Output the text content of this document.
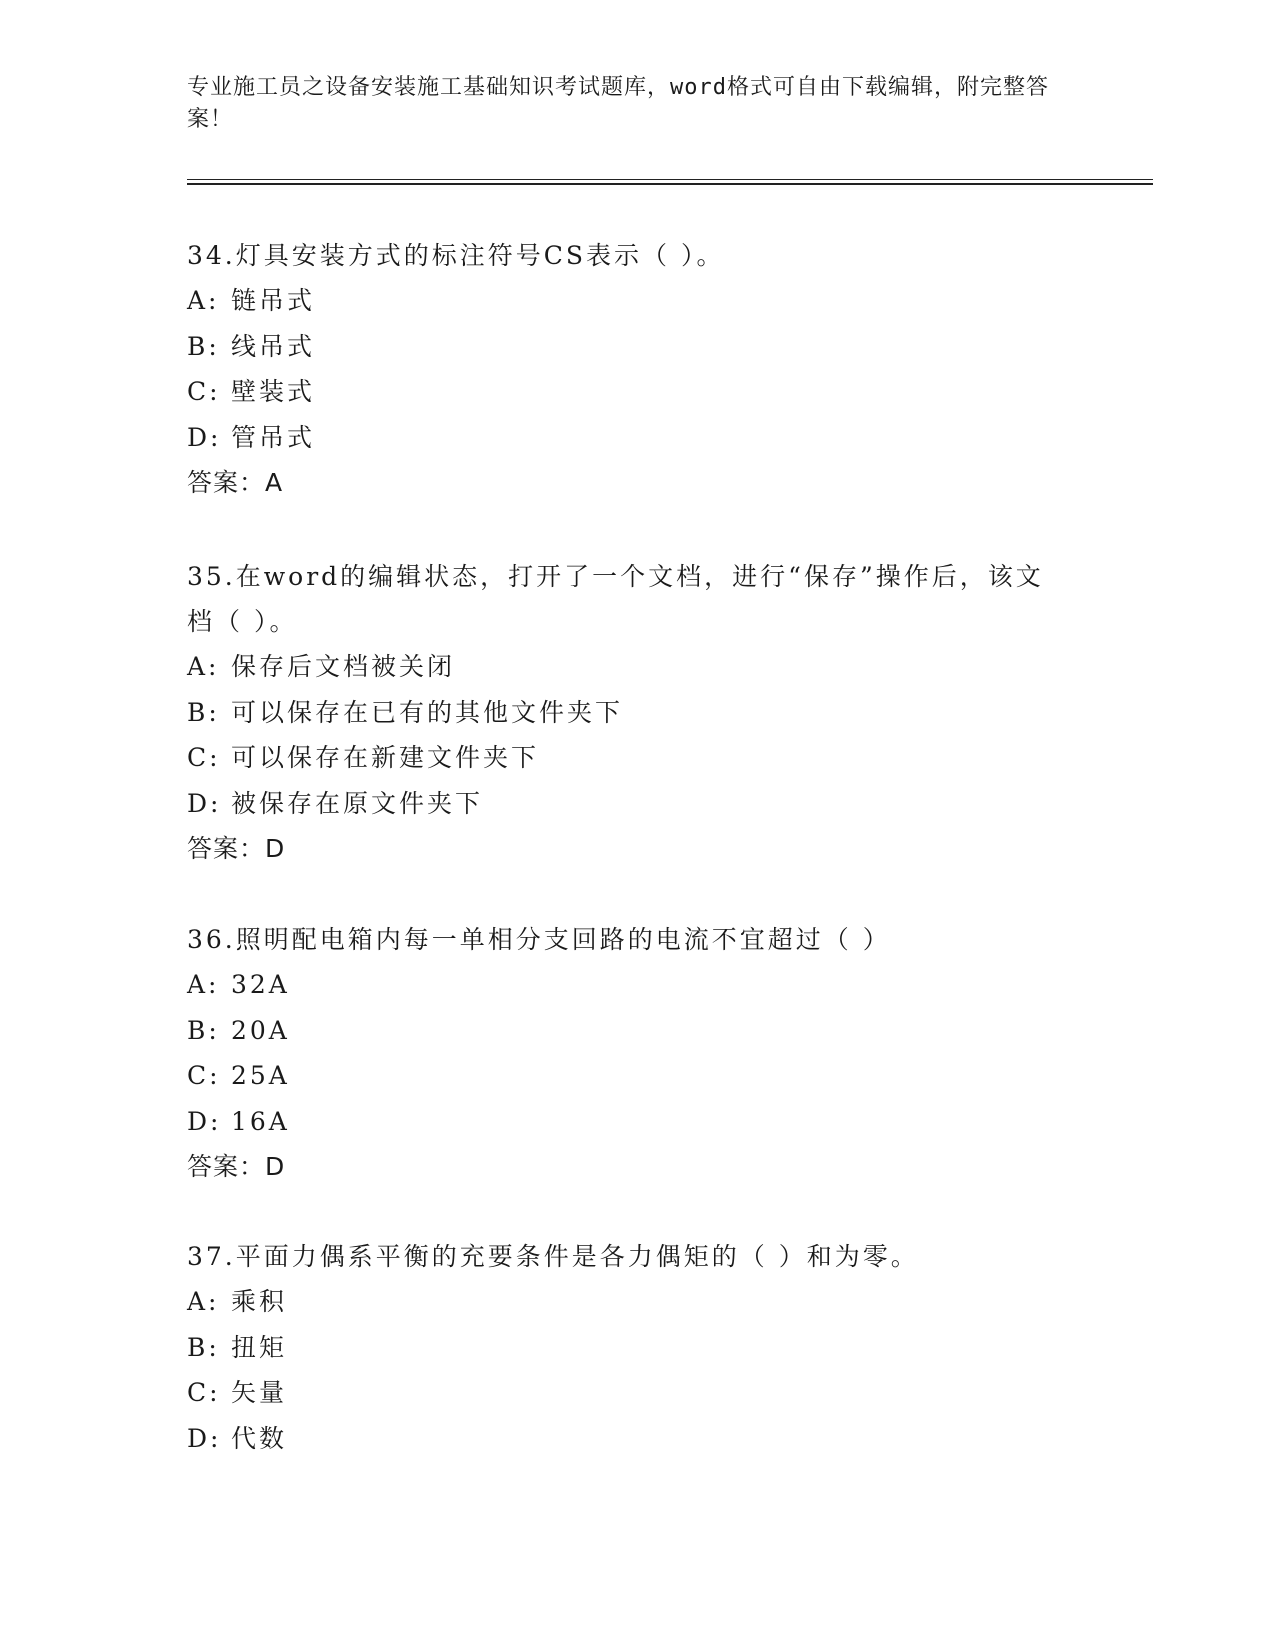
专业施工员之设备安装施工基础知识考试题库，word格式可自由下载编辑，附完整答案！

34.灯具安装方式的标注符号CS表示（ ）。

A: 链吊式
B: 线吊式
C: 壁装式
D: 管吊式
答案：A

35.在word的编辑状态，打开了一个文档，进行“保存”操作后，该文档（ ）。

A: 保存后文档被关闭
B: 可以保存在已有的其他文件夹下
C: 可以保存在新建文件夹下
D: 被保存在原文件夹下
答案：D

36.照明配电箱内每一单相分支回路的电流不宜超过（ ）

A: 32A
B: 20A
C: 25A
D: 16A
答案：D

37.平面力偶系平衡的充要条件是各力偶矩的（ ）和为零。

A: 乘积
B: 扭矩
C: 矢量
D: 代数
